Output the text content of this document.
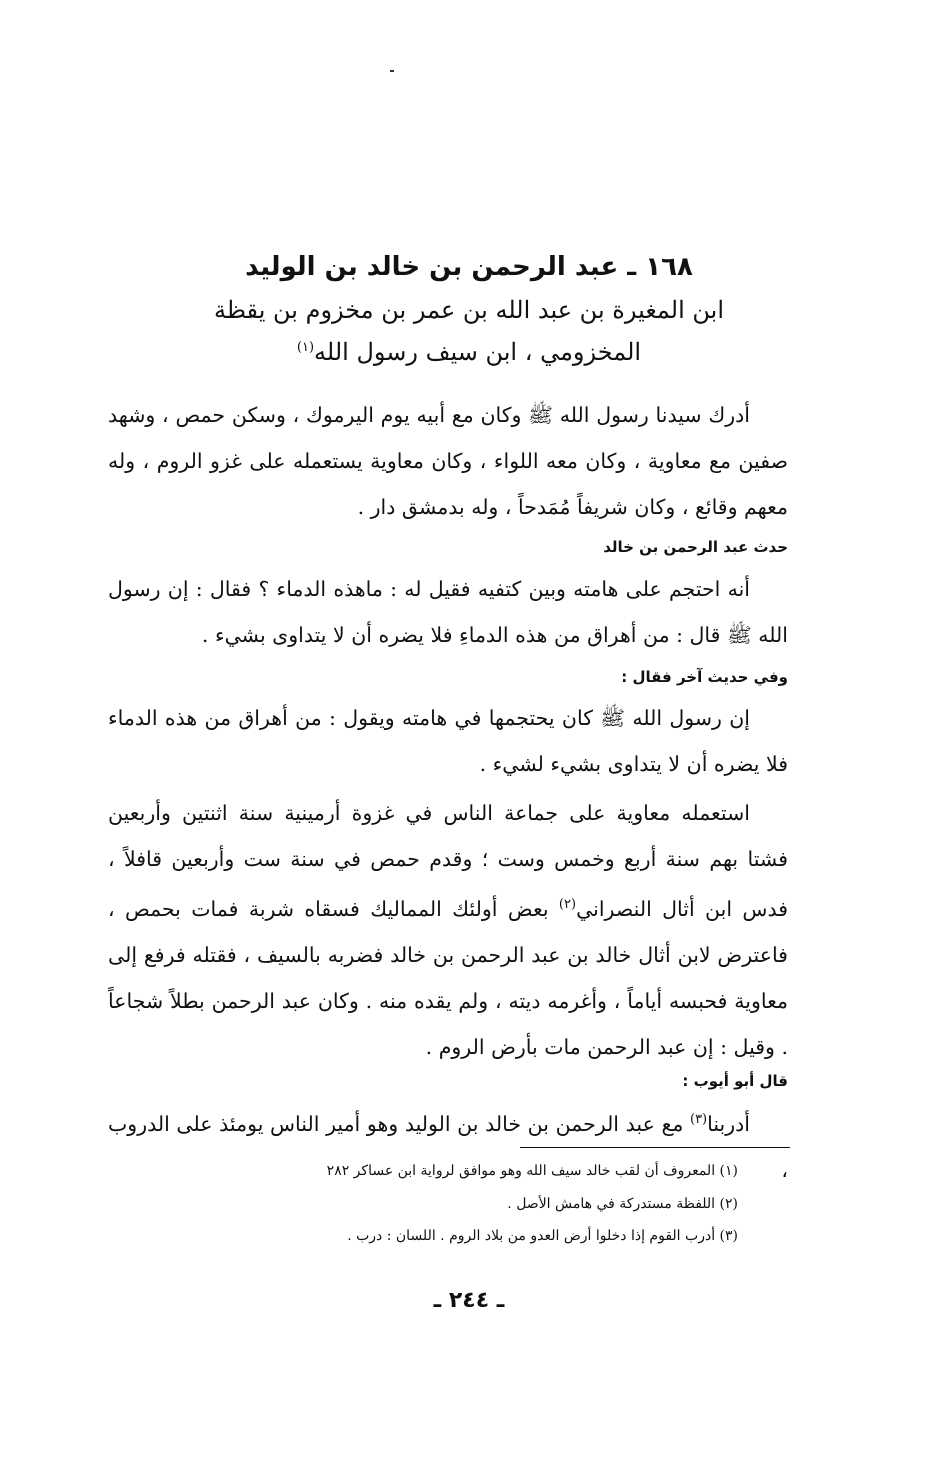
١٦٨ ـ عبد الرحمن بن خالد بن الوليد
ابن المغيرة بن عبد الله بن عمر بن مخزوم بن يقظة
المخزومي ، ابن سيف رسول الله$^{(١)}$

أدرك سيدنا رسول الله ﷺ وكان مع أبيه يوم اليرموك ، وسكن حمص ، وشهد صفين مع معاوية ، وكان معه اللواء ، وكان معاوية يستعمله على غزو الروم ، وله معهم وقائع ، وكان شريفاً مُمَدحاً ، وله بدمشق دار .

حدث عبد الرحمن بن خالد

أنه احتجم على هامته وبين كتفيه فقيل له : ماهذه الدماء ؟ فقال : إن رسول الله ﷺ قال : من أهراق من هذه الدماءِ فلا يضره أن لا يتداوى بشيء .

وفي حديث آخر فقال :

إن رسول الله ﷺ كان يحتجمها في هامته ويقول : من أهراق من هذه الدماء فلا يضره أن لا يتداوى بشيء لشيء .

استعمله معاوية على جماعة الناس في غزوة أرمينية سنة اثنتين وأربعين فشتا بهم سنة أربع وخمس وست ؛ وقدم حمص في سنة ست وأربعين قافلاً ، فدس ابن أثال النصراني$^{(٢)}$ بعض أولئك المماليك فسقاه شربة فمات بحمص ، فاعترض لابن أثال خالد بن عبد الرحمن بن خالد فضربه بالسيف ، فقتله فرفع إلى معاوية فحبسه أياماً ، وأغرمه ديته ، ولم يقده منه . وكان عبد الرحمن بطلاً شجاعاً . وقيل : إن عبد الرحمن مات بأرض الروم .

قال أبو أيوب :

أدربنا$^{(٣)}$ مع عبد الرحمن بن خالد بن الوليد وهو أمير الناس يومئذ على الدروب ،

(١) المعروف أن لقب خالد سيف الله وهو موافق لرواية ابن عساكر ٢٨٢
(٢) اللفظة مستدركة في هامش الأصل .
(٣) أدرب القوم إذا دخلوا أرض العدو من بلاد الروم . اللسان : درب .
ـ ٢٤٤ ـ
